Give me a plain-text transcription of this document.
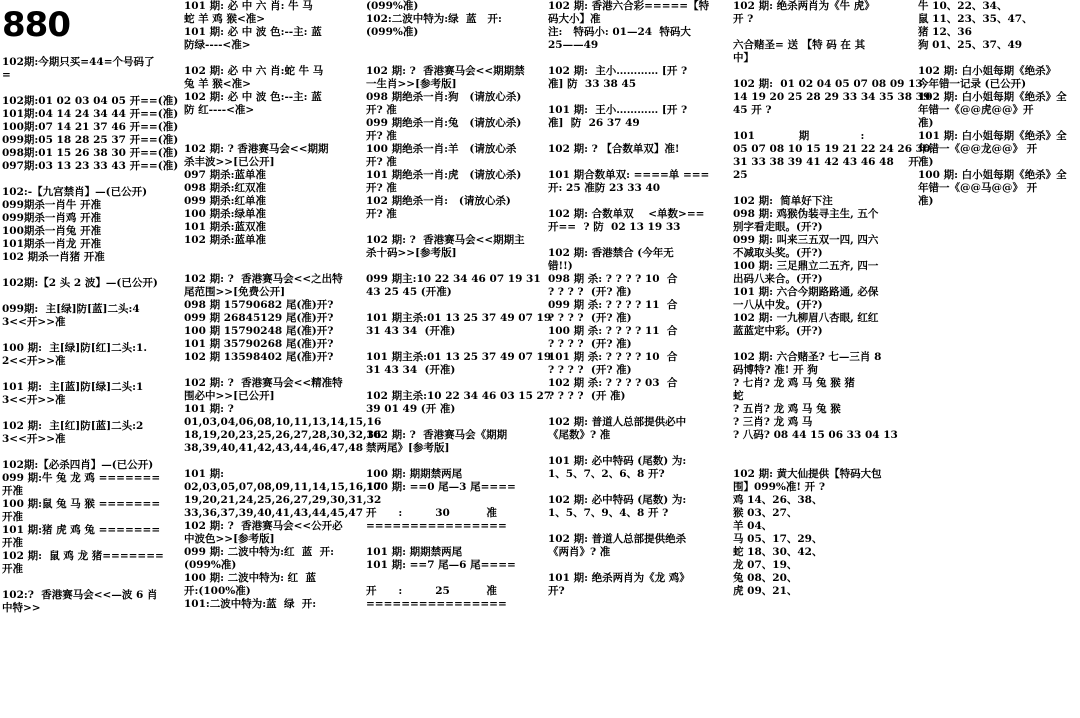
880
102期:今期只买=44=个号码了
=
102期:01 02 03 04 05 开==(准)
101期:04 14 24 34 44 开==(准)
100期:07 14 21 37 46 开==(准)
099期:05 18 28 25 37 开==(准)
098期:01 15 26 38 30 开==(准)
097期:03 13 23 33 43 开==(准)
102:-【九宫禁肖】—(已公开)
099期杀一肖牛 开准
099期杀一肖鸡 开准
100期杀一肖兔 开准
101期杀一肖龙 开准
102 期杀一肖猪 开准
102期:【2 头 2 波】—(已公开)
099期:  主[绿]防[蓝]二头:4
3<<开>>准
100 期:  主[绿]防[红]二头:1.
2<<开>>准
101 期:  主[蓝]防[绿]二头:1
3<<开>>准
102 期:  主[红]防[蓝]二头:2
3<<开>>准
102期:【必杀四肖】—(已公开)
099 期:牛 兔 龙 鸡 =======
开准
100 期:鼠 兔 马 猴 =======
开准
101 期:猪 虎 鸡 兔 =======
开准
102 期:  鼠 鸡 龙 猪=======
开准
102:?  香港赛马会<<—波 6 肖
中特>>
101 期: 必 中 六 肖: 牛 马
蛇 羊 鸡 猴<准>
101 期: 必 中 波 色:--主: 蓝
防绿----<准>
102 期: 必 中 六 肖:蛇 牛 马
兔 羊 猴<准>
102 期: 必 中 波 色:--主: 蓝
防 红----<准>
102 期: ? 香港赛马会<<期期
杀丰波>>[已公开]
097 期杀:蓝单准
098 期杀:红双准
099 期杀:红单准
100 期杀:绿单准
101 期杀:蓝双准
102 期杀:蓝单准
102 期: ?  香港赛马会<<之出特
尾范围>>[免费公开]
098 期 15790682 尾(准)开?
099 期 26845129 尾(准)开?
100 期 15790248 尾(准)开?
101 期 35790268 尾(准)开?
102 期 13598402 尾(准)开?
102 期: ?  香港赛马会<<精准特
围必中>>[已公开]
101 期: ?
01,03,04,06,08,10,11,13,14,15,16
18,19,20,23,25,26,27,28,30,32,36
38,39,40,41,42,43,44,46,47,48
101 期:
02,03,05,07,08,09,11,14,15,16,17
19,20,21,24,25,26,27,29,30,31,32
33,36,37,39,40,41,43,44,45,47
102 期: ?  香港赛马会<<公开必
中波色>>[参考版]
099 期: 二波中特为:红  蓝  开:
(099%准)
100 期: 二波中特为: 红  蓝
开:(100%准)
101:二波中特为:蓝  绿  开:
(099%准)
102:二波中特为:绿  蓝   开:
(099%准)
102 期: ?  香港赛马会<<期期禁
一生肖>>[参考版]
098 期绝杀一肖:狗   (请放心杀)
开? 准
099 期绝杀一肖:兔   (请放心杀)
开? 准
100 期绝杀一肖:羊   (请放心杀
开? 准
101 期绝杀一肖:虎   (请放心杀)
开? 准
102 期绝杀一肖:   (请放心杀)
开? 准
102 期: ?  香港赛马会<<期期主
杀十码>>[参考版]
099 期主:10 22 34 46 07 19 31
43 25 45 (开准)
101 期主杀:01 13 25 37 49 07 19
31 43 34  (开准)
101 期主杀:01 13 25 37 49 07 19
31 43 34  (开准)
102 期主杀:10 22 34 46 03 15 27
39 01 49 (开 准)
102 期: ?  香港赛马会《期期
禁两尾》[参考版]
100 期: 期期禁两尾
100 期: ==0 尾—3 尾====
开      :         30          准
================
101 期: 期期禁两尾
101 期: ==7 尾—6 尾====
开      :         25          准
================
102 期: 香港六合彩=====【特
码大小】准
注:   特码小: 01—24  特码大
25——49
102 期:  主小………… [开 ?
准] 防  33 38 45
101 期:  王小………… [开 ?
准]  防  26 37 49
102 期: ? 【合数单双】准!
101 期合数单双: ====单 ===
开: 25 准防 23 33 40
102 期: 合数单双    <单数>==
开==  ? 防  02 13 19 33
102 期: 香港禁合 (今年无
错!!)
098 期 杀: ? ? ? ? 10  合
? ? ? ?  (开? 准)
099 期 杀: ? ? ? ? 11  合
? ? ? ?  (开? 准)
100 期 杀: ? ? ? ? 11  合
? ? ? ?  (开? 准)
101 期 杀: ? ? ? ? 10  合
? ? ? ?  (开? 准)
102 期 杀: ? ? ? ? 03  合
? ? ? ?  (开 准)
102 期: 普道人总部提供必中
《尾数》? 准
101 期: 必中特码 (尾数) 为:
1、5、7、2、6、8 开?
102 期: 必中特码 (尾数) 为:
1、5、7、9、4、8 开 ?
102 期: 普道人总部提供绝杀
《两肖》? 准
101 期: 绝杀两肖为《龙 鸡》
开?
102 期: 绝杀两肖为《牛 虎》
开 ?
六合赌圣= 送 【特 码 在 其
中】
102 期:  01 02 04 05 07 08 09 13
14 19 20 25 28 29 33 34 35 38 39
45 开 ?
101            期              :
05 07 08 10 15 19 21 22 24 26 30
31 33 38 39 41 42 43 46 48    开
25
102 期:  简单好下注
098 期: 鸡猴伪装寻主生, 五个
别字看走眼。(开?)
099 期: 叫来三五双一四, 四六
不减取头奖。(开?)
100 期: 三足鼎立二五齐, 四一
出码八来合。(开?)
101 期: 六合今期路路通, 必保
一八从中发。(开?)
102 期: 一九柳眉八杏眼, 红红
蓝蓝定中彩。(开?)
102 期: 六合赌圣? 七—三肖 8
码博特? 准! 开 狗
? 七肖? 龙 鸡 马 兔 猴 猪
蛇
? 五肖? 龙 鸡 马 兔 猴
? 三肖? 龙 鸡 马
? 八码? 08 44 15 06 33 04 13
102 期: 黄大仙提供【特码大包
围】099%准! 开 ?
鸡 14、26、38、
猴 03、27、
羊 04、
马 05、17、29、
蛇 18、30、42、
龙 07、19、
兔 08、20、
虎 09、21、
牛 10、22、34、
鼠 11、23、35、47、
猪 12、36
狗 01、25、37、49
102 期: 白小姐每期《绝杀》
今年错一记录 (已公开)
102 期: 白小姐每期《绝杀》全
年错一《@@虎@@》开
准)
101 期: 白小姐每期《绝杀》全
年错一《@@龙@@》 开
准)
100 期: 白小姐每期《绝杀》全
年错一《@@马@@》 开
准)
